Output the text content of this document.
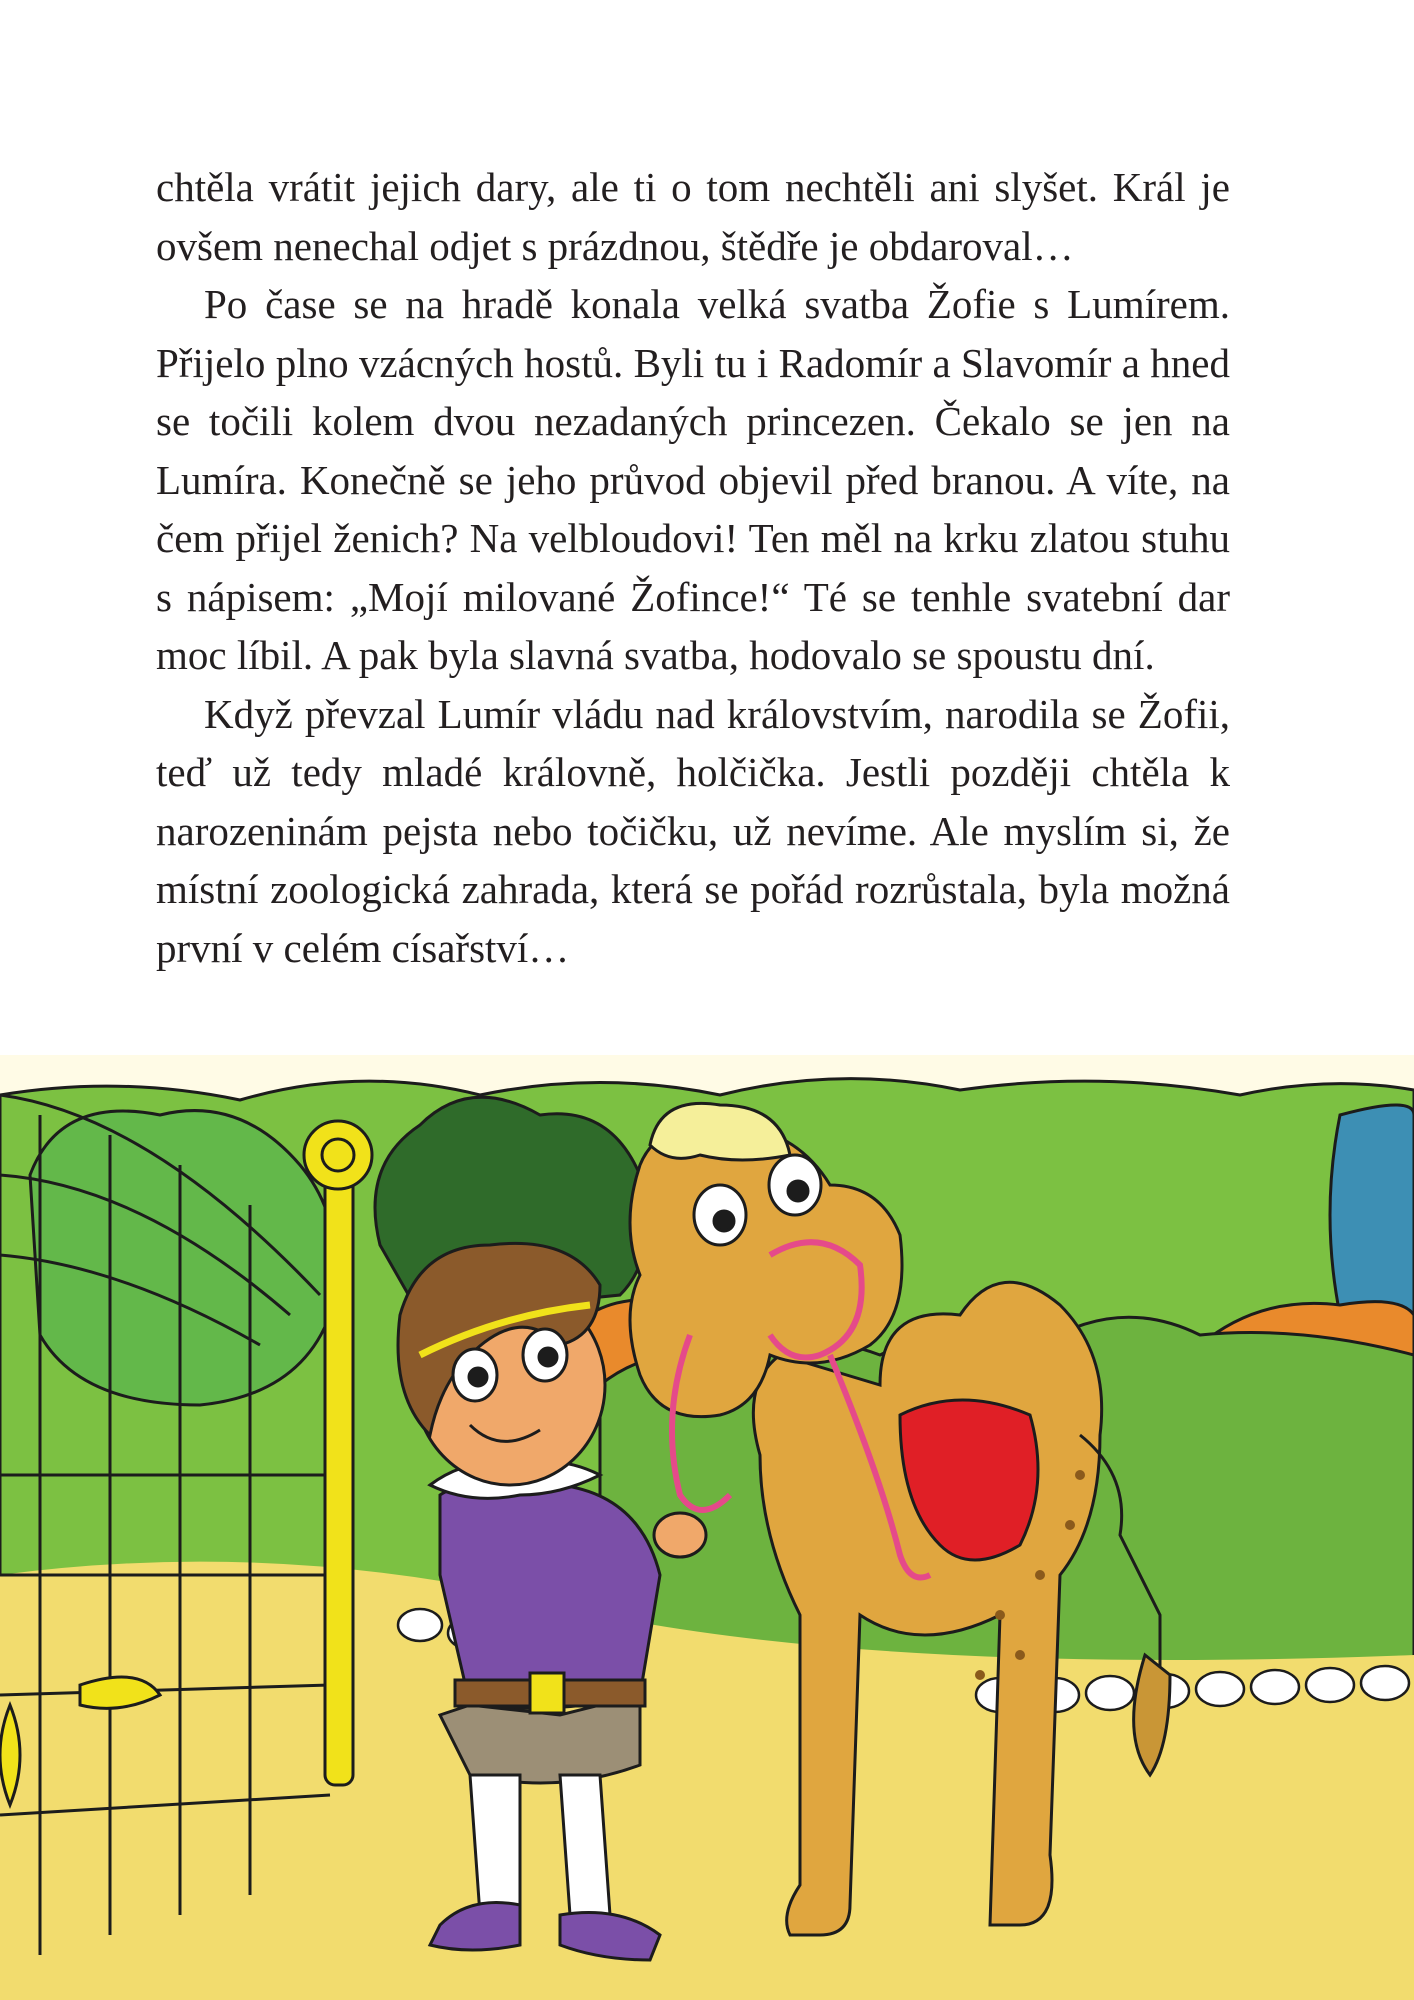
chtěla vrátit jejich dary, ale ti o tom nechtěli ani slyšet. Král je ovšem nenechal odjet s prázdnou, štědře je obdaroval…

Po čase se na hradě konala velká svatba Žofie s Lumírem. Přijelo plno vzácných hostů. Byli tu i Radomír a Slavomír a hned se točili kolem dvou nezadaných princezen. Čekalo se jen na Lumíra. Konečně se jeho průvod objevil před branou. A víte, na čem přijel ženich? Na velbloudovi! Ten měl na krku zlatou stuhu s nápisem: „Mojí milované Žofince!“ Té se tenhle svatební dar moc líbil. A pak byla slavná svatba, hodovalo se spoustu dní.

Když převzal Lumír vládu nad královstvím, narodila se Žofii, teď už tedy mladé královně, holčička. Jestli později chtěla k narozeninám pejsta nebo točičku, už nevíme. Ale myslím si, že místní zoologická zahrada, která se pořád rozrůstala, byla možná první v celém císařství…
